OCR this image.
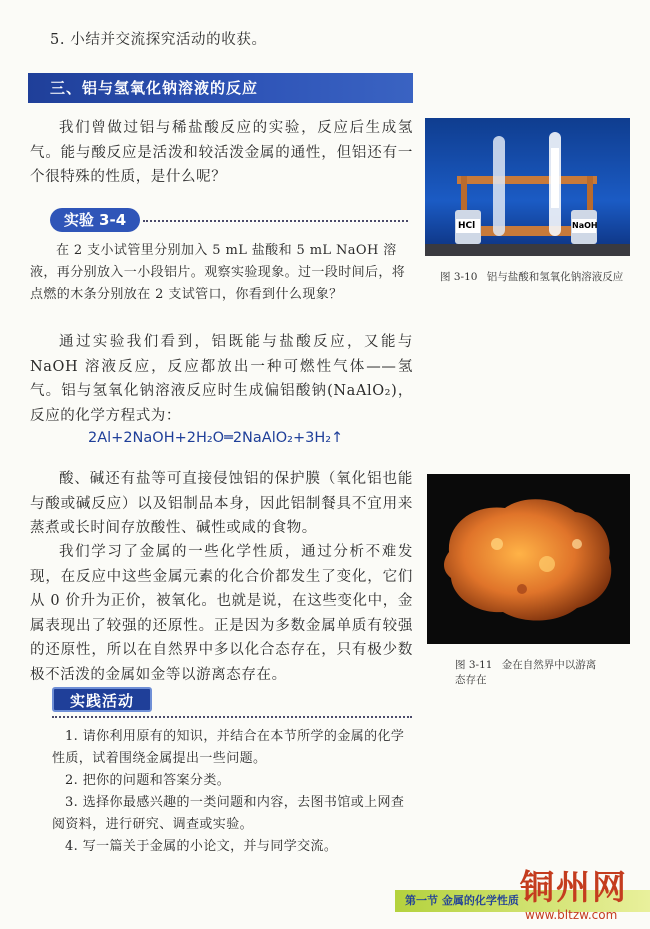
5. 小结并交流探究活动的收获。
三、铝与氢氧化钠溶液的反应
我们曾做过铝与稀盐酸反应的实验，反应后生成氢气。能与酸反应是活泼和较活泼金属的通性，但铝还有一个很特殊的性质，是什么呢？
实验 3-4
在 2 支小试管里分别加入 5 mL 盐酸和 5 mL NaOH 溶液，再分别放入一小段铝片。观察实验现象。过一段时间后，将点燃的木条分别放在 2 支试管口，你看到什么现象？
HCl	NaOH
图 3-10 铝与盐酸和氢氧化钠溶液反应
通过实验我们看到，铝既能与盐酸反应，又能与 NaOH 溶液反应，反应都放出一种可燃性气体——氢气。铝与氢氧化钠溶液反应时生成偏铝酸钠(NaAlO₂)，反应的化学方程式为：
2Al+2NaOH+2H₂O═2NaAlO₂+3H₂↑
酸、碱还有盐等可直接侵蚀铝的保护膜（氧化铝也能与酸或碱反应）以及铝制品本身，因此铝制餐具不宜用来蒸煮或长时间存放酸性、碱性或咸的食物。
我们学习了金属的一些化学性质，通过分析不难发现，在反应中这些金属元素的化合价都发生了变化，它们从 0 价升为正价，被氧化。也就是说，在这些变化中，金属表现出了较强的还原性。正是因为多数金属单质有较强的还原性，所以在自然界中多以化合态存在，只有极少数极不活泼的金属如金等以游离态存在。
图 3-11 金在自然界中以游离态存在
实践活动
1. 请你利用原有的知识，并结合在本节所学的金属的化学性质，试着围绕金属提出一些问题。
2. 把你的问题和答案分类。
3. 选择你最感兴趣的一类问题和内容，去图书馆或上网查阅资料，进行研究、调查或实验。
4. 写一篇关于金属的小论文，并与同学交流。
第一节 金属的化学性质 铜州网
www.bltzw.com
